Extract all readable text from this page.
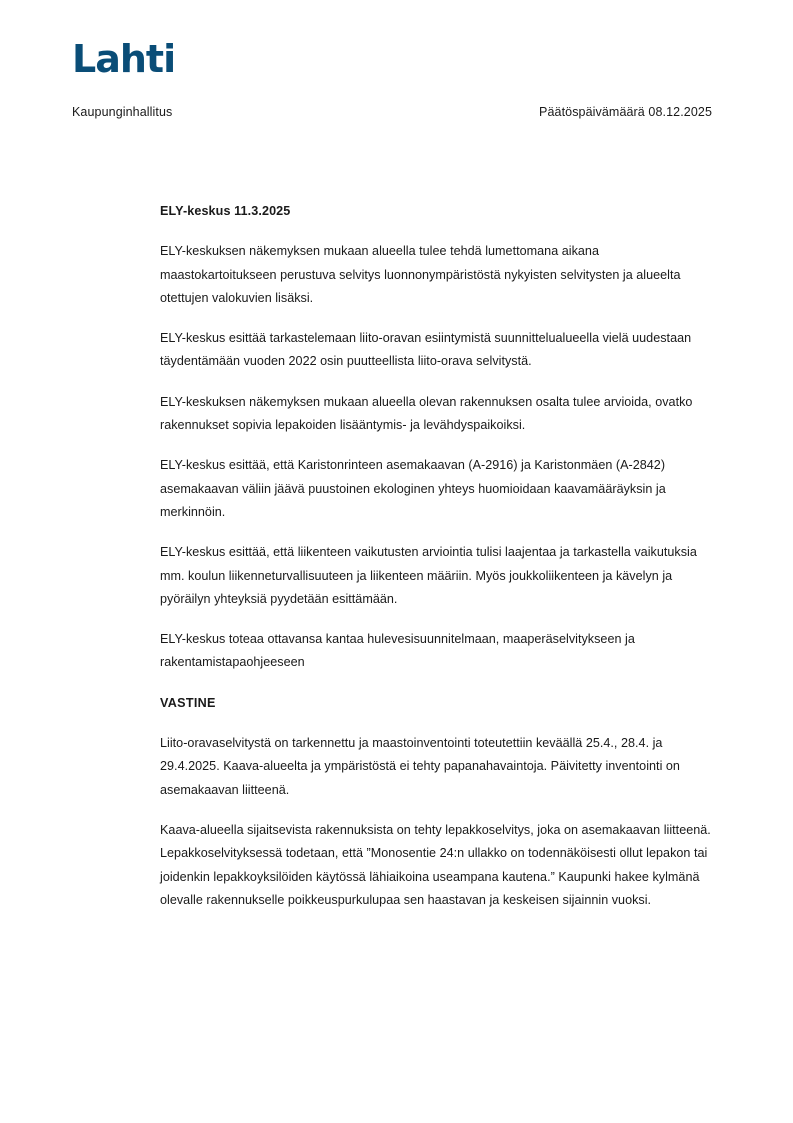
Lahti
Kaupunginhallitus	Päätöspäivämäärä 08.12.2025

ELY-keskus 11.3.2025

ELY-keskuksen näkemyksen mukaan alueella tulee tehdä lumettomana aikana maastokartoitukseen perustuva selvitys luonnonympäristöstä nykyisten selvitysten ja alueelta otettujen valokuvien lisäksi.

ELY-keskus esittää tarkastelemaan liito-oravan esiintymistä suunnittelualueella vielä uudestaan täydentämään vuoden 2022 osin puutteellista liito-orava selvitystä.

ELY-keskuksen näkemyksen mukaan alueella olevan rakennuksen osalta tulee arvioida, ovatko rakennukset sopivia lepakoiden lisääntymis- ja levähdyspaikoiksi.

ELY-keskus esittää, että Karistonrinteen asemakaavan (A-2916) ja Karistonmäen (A-2842) asemakaavan väliin jäävä puustoinen ekologinen yhteys huomioidaan kaavamääräyksin ja merkinnöin.

ELY-keskus esittää, että liikenteen vaikutusten arviointia tulisi laajentaa ja tarkastella vaikutuksia mm. koulun liikenneturvallisuuteen ja liikenteen määriin. Myös joukkoliikenteen ja kävelyn ja pyöräilyn yhteyksiä pyydetään esittämään.

ELY-keskus toteaa ottavansa kantaa hulevesisuunnitelmaan, maaperäselvitykseen ja rakentamistapaohjeeseen

VASTINE

Liito-oravaselvitystä on tarkennettu ja maastoinventointi toteutettiin keväällä 25.4., 28.4. ja 29.4.2025. Kaava-alueelta ja ympäristöstä ei tehty papanahavaintoja. Päivitetty inventointi on asemakaavan liitteenä.

Kaava-alueella sijaitsevista rakennuksista on tehty lepakkoselvitys, joka on asemakaavan liitteenä. Lepakkoselvityksessä todetaan, että ”Monosentie 24:n ullakko on todennäköisesti ollut lepakon tai joidenkin lepakkoyksilöiden käytössä lähiaikoina useampana kautena.” Kaupunki hakee kylmänä olevalle rakennukselle poikkeuspurkulupaa sen haastavan ja keskeisen sijainnin vuoksi.
